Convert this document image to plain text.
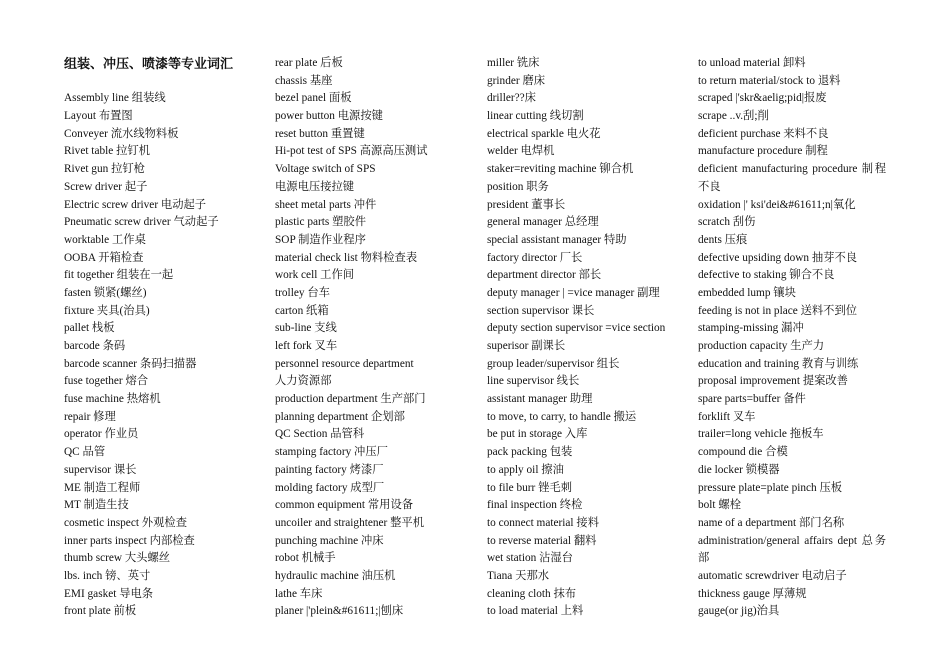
组装、冲压、喷漆等专业词汇
Assembly line 组装线
Layout 布置图
Conveyer 流水线物料板
Rivet table 拉钉机
Rivet gun 拉钉枪
Screw driver 起子
Electric screw driver 电动起子
Pneumatic screw driver 气动起子
worktable 工作桌
OOBA 开箱检查
fit together 组装在一起
fasten 锁紧(螺丝)
fixture 夹具(治具)
pallet 栈板
barcode 条码
barcode scanner 条码扫描器
fuse together 熔合
fuse machine 热熔机
repair 修理
operator 作业员
QC 品管
supervisor 课长
ME 制造工程师
MT 制造生技
cosmetic inspect 外观检查
inner parts inspect 内部检查
thumb screw 大头螺丝
lbs. inch 镑、英寸
EMI gasket 导电条
front plate 前板
rear plate 后板
chassis 基座
bezel panel 面板
power button 电源按键
reset button 重置键
Hi-pot test of SPS 高源高压测试
Voltage switch of SPS
电源电压接拉键
sheet metal parts 冲件
plastic parts 塑胶件
SOP 制造作业程序
material check list 物料检查表
work cell 工作间
trolley 台车
carton 纸箱
sub-line 支线
left fork 叉车
personnel resource department
人力资源部
production department 生产部门
planning department 企划部
QC Section 品管科
stamping factory 冲压厂
painting factory 烤漆厂
molding factory 成型厂
common equipment 常用设备
uncoiler and straightener 整平机
punching machine 冲床
robot 机械手
hydraulic machine 油压机
lathe 车床
planer |'plein&#61611;|刨床
miller 铣床
grinder 磨床
driller??床
linear cutting 线切割
electrical sparkle 电火花
welder 电焊机
staker=reviting machine 铆合机
position 职务
president 董事长
general manager 总经理
special assistant manager 特助
factory director 厂长
department director 部长
deputy manager | =vice manager 副理
section supervisor 课长
deputy section supervisor =vice section
superisor 副课长
group leader/supervisor 组长
line supervisor 线长
assistant manager 助理
to move, to carry, to handle 搬运
be put in storage 入库
pack packing 包装
to apply oil 擦油
to file burr 锉毛刺
final inspection 终检
to connect material 接料
to reverse material 翻料
wet station 沾湿台
Tiana 天那水
cleaning cloth 抹布
to load material 上料
to unload material 卸料
to return material/stock to 退料
scraped |'skr&aelig;pid|报废
scrape ..v.刮;削
deficient purchase 来料不良
manufacture procedure 制程
deficient manufacturing procedure 制程不良
oxidation |' ksi'dei&#61611;n|氧化
scratch 刮伤
dents 压痕
defective upsiding down 抽芽不良
defective to staking 铆合不良
embedded lump 镶块
feeding is not in place 送料不到位
stamping-missing 漏冲
production capacity 生产力
education and training 教育与训练
proposal improvement 提案改善
spare parts=buffer 备件
forklift 叉车
trailer=long vehicle 拖板车
compound die 合模
die locker 锁模器
pressure plate=plate pinch 压板
bolt 螺栓
name of a department 部门名称
administration/general affairs dept 总务部
automatic screwdriver 电动启子
thickness gauge 厚薄规
gauge(or jig)治具
